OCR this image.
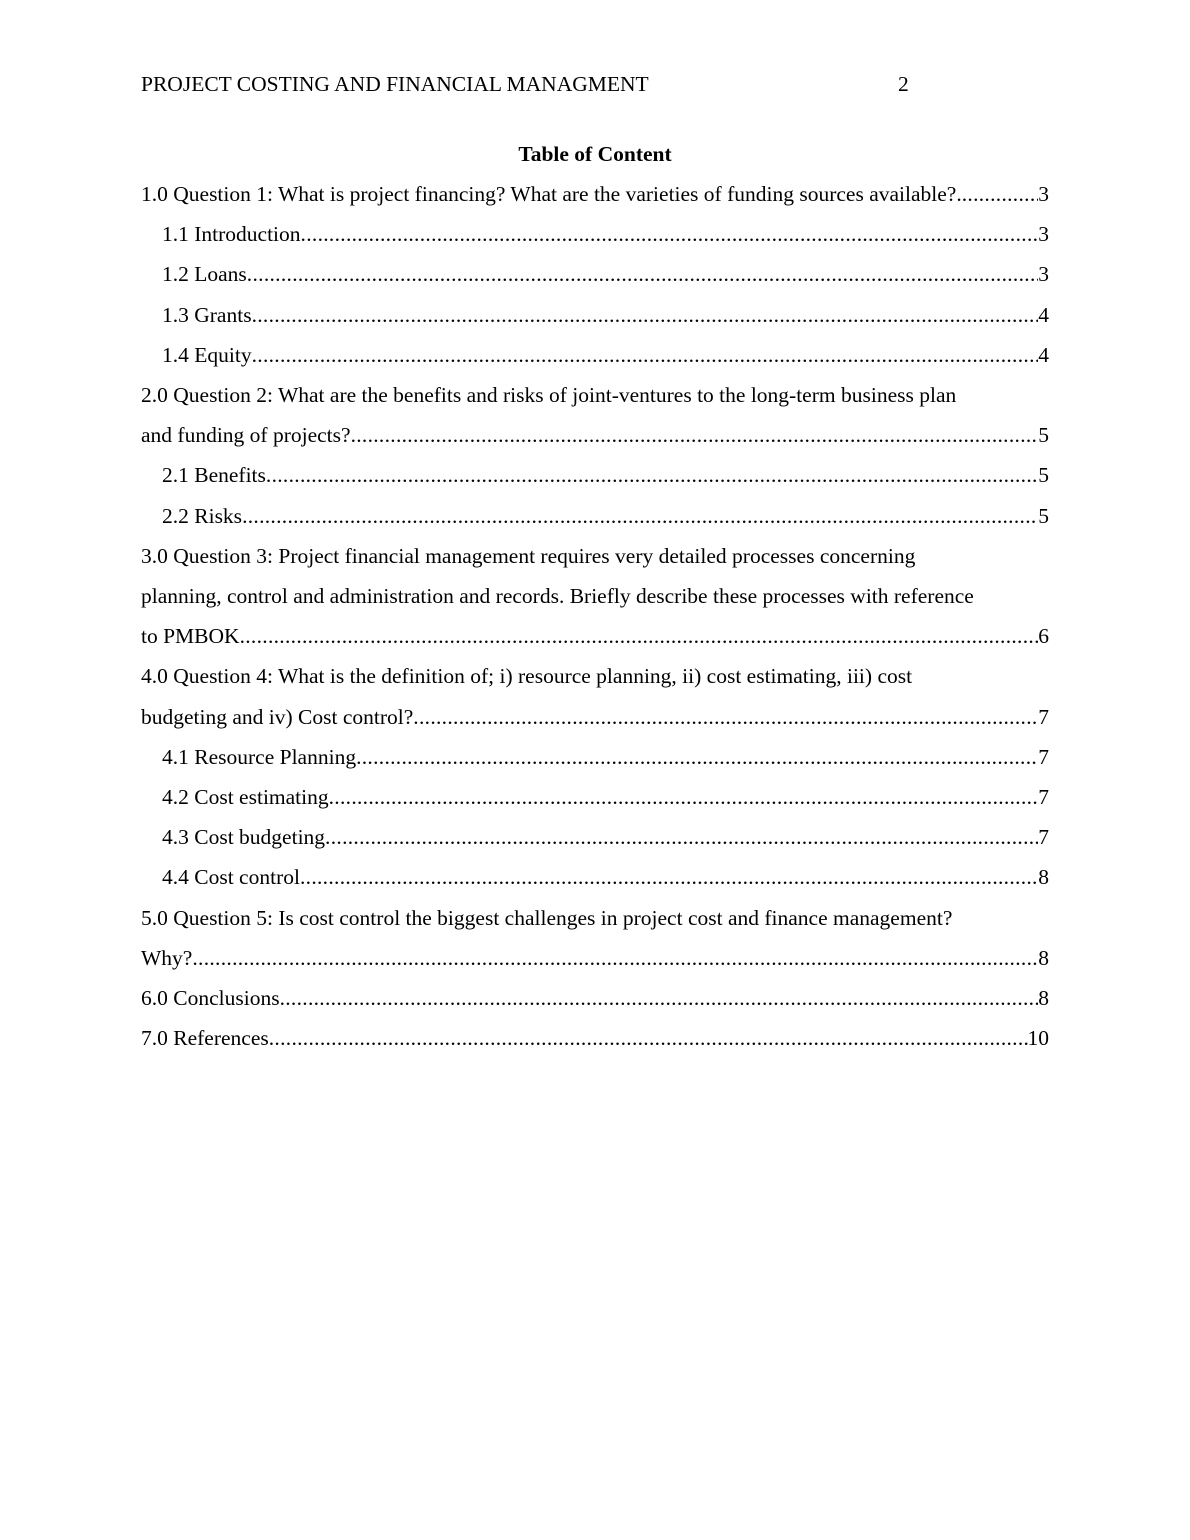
PROJECT COSTING AND FINANCIAL MANAGMENT	2
Table of Content
1.0 Question 1: What is project financing? What are the varieties of funding sources available?. .....	3
1.1 Introduction .....	3
1.2 Loans .....	3
1.3 Grants .....	4
1.4 Equity .....	4
2.0 Question 2: What are the benefits and risks of joint-ventures to the long-term business plan
and funding of projects? .....	5
2.1 Benefits .....	5
2.2 Risks .....	5
3.0 Question 3: Project financial management requires very detailed processes concerning
planning, control and administration and records. Briefly describe these processes with reference
to PMBOK .....	6
4.0 Question 4: What is the definition of; i) resource planning, ii) cost estimating, iii) cost
budgeting and iv) Cost control? .....	7
4.1 Resource Planning .....	7
4.2 Cost estimating .....	7
4.3 Cost budgeting .....	7
4.4 Cost control .....	8
5.0 Question 5: Is cost control the biggest challenges in project cost and finance management?
Why? .....	8
6.0 Conclusions .....	8
7.0 References .....	10
